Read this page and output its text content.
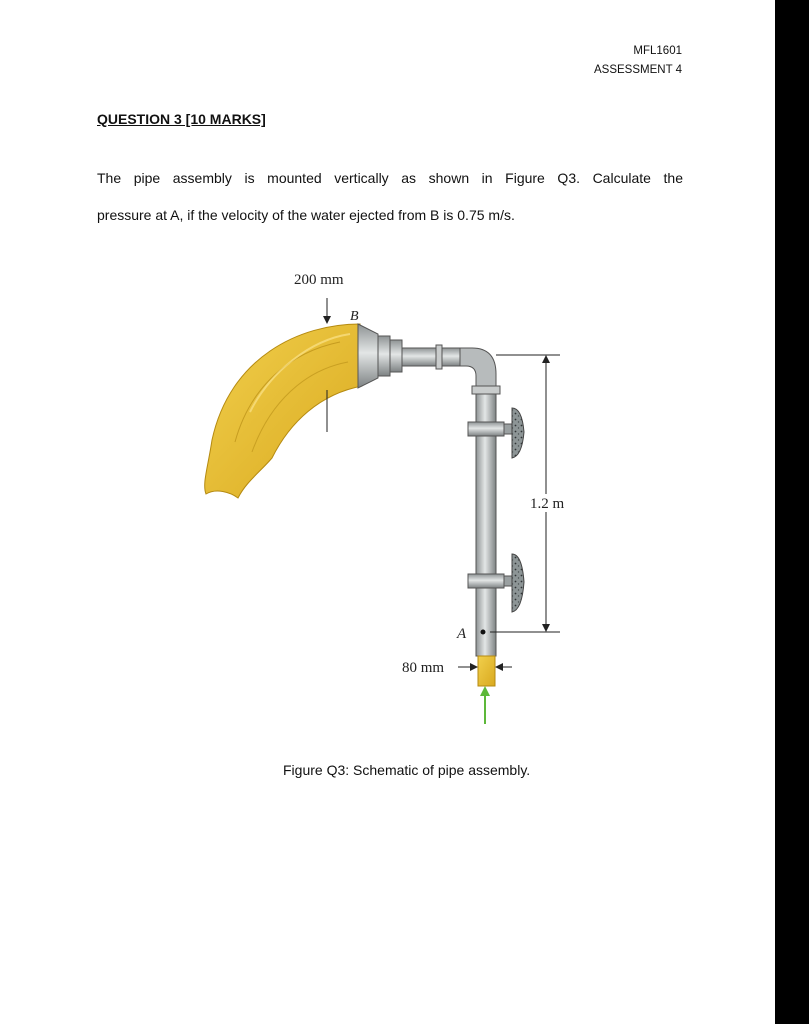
MFL1601
ASSESSMENT 4
QUESTION 3 [10 MARKS]
The pipe assembly is mounted vertically as shown in Figure Q3. Calculate the
pressure at A, if the velocity of the water ejected from B is 0.75 m/s.
200 mm
B
1.2 m
A
80 mm
Figure Q3: Schematic of pipe assembly.
